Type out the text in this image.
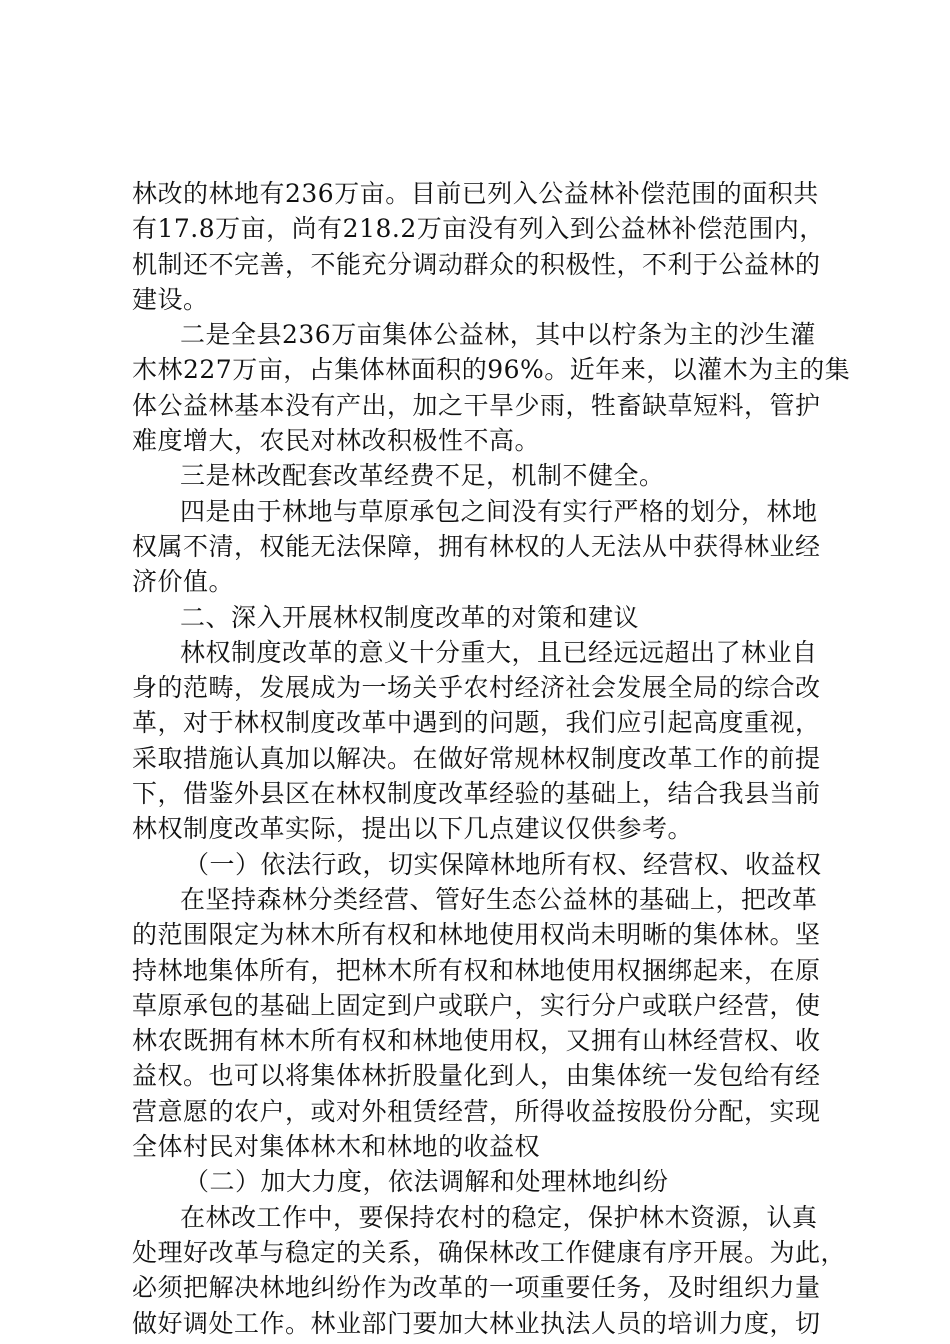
林改的林地有236万亩。目前已列入公益林补偿范围的面积共
有17.8万亩，尚有218.2万亩没有列入到公益林补偿范围内，
机制还不完善，不能充分调动群众的积极性，不利于公益林的
建设。
二是全县236万亩集体公益林，其中以柠条为主的沙生灌
木林227万亩，占集体林面积的96%。近年来，以灌木为主的集
体公益林基本没有产出，加之干旱少雨，牲畜缺草短料，管护
难度增大，农民对林改积极性不高。
三是林改配套改革经费不足，机制不健全。
四是由于林地与草原承包之间没有实行严格的划分，林地
权属不清，权能无法保障，拥有林权的人无法从中获得林业经
济价值。
二、深入开展林权制度改革的对策和建议
林权制度改革的意义十分重大，且已经远远超出了林业自
身的范畴，发展成为一场关乎农村经济社会发展全局的综合改
革，对于林权制度改革中遇到的问题，我们应引起高度重视，
采取措施认真加以解决。在做好常规林权制度改革工作的前提
下，借鉴外县区在林权制度改革经验的基础上，结合我县当前
林权制度改革实际，提出以下几点建议仅供参考。
（一）依法行政，切实保障林地所有权、经营权、收益权
在坚持森林分类经营、管好生态公益林的基础上，把改革
的范围限定为林木所有权和林地使用权尚未明晰的集体林。坚
持林地集体所有，把林木所有权和林地使用权捆绑起来，在原
草原承包的基础上固定到户或联户，实行分户或联户经营，使
林农既拥有林木所有权和林地使用权，又拥有山林经营权、收
益权。也可以将集体林折股量化到人，由集体统一发包给有经
营意愿的农户，或对外租赁经营，所得收益按股份分配，实现
全体村民对集体林木和林地的收益权
（二）加大力度，依法调解和处理林地纠纷
在林改工作中，要保持农村的稳定，保护林木资源，认真
处理好改革与稳定的关系，确保林改工作健康有序开展。为此，
必须把解决林地纠纷作为改革的一项重要任务，及时组织力量
做好调处工作。林业部门要加大林业执法人员的培训力度，切
